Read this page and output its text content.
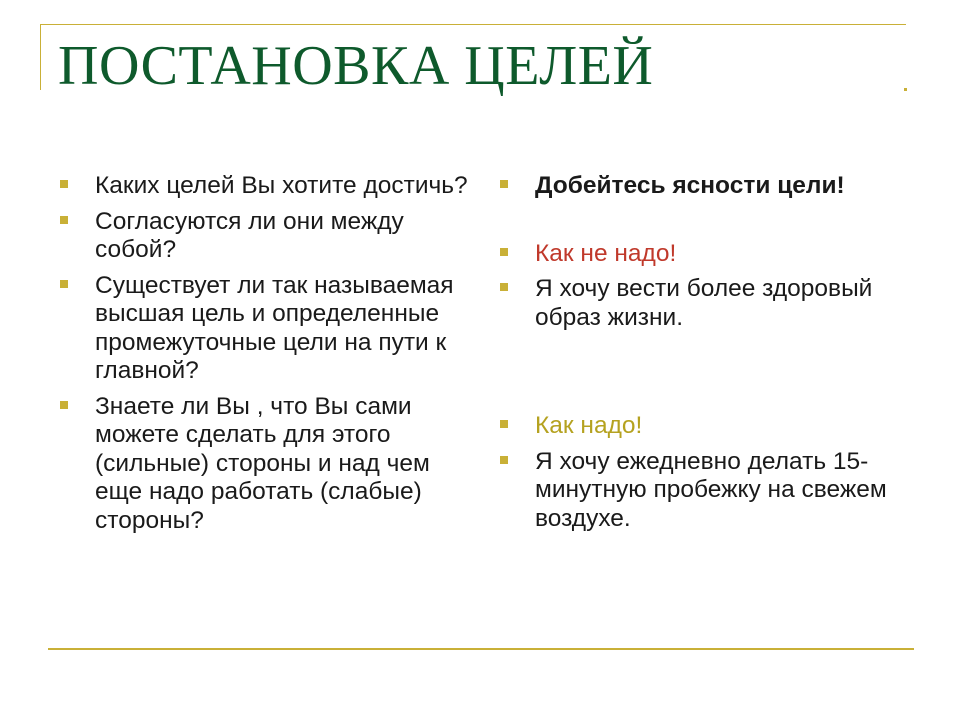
ПОСТАНОВКА ЦЕЛЕЙ
Каких целей Вы хотите достичь?
Согласуются ли они между собой?
Существует ли так называемая высшая цель и определенные промежуточные цели на пути к главной?
Знаете ли Вы , что Вы сами можете сделать для этого (сильные) стороны и над чем еще надо работать (слабые) стороны?
Добейтесь ясности цели!
Как не надо!
Я хочу вести более здоровый образ жизни.
Как надо!
Я хочу ежедневно делать 15-минутную пробежку на свежем воздухе.
